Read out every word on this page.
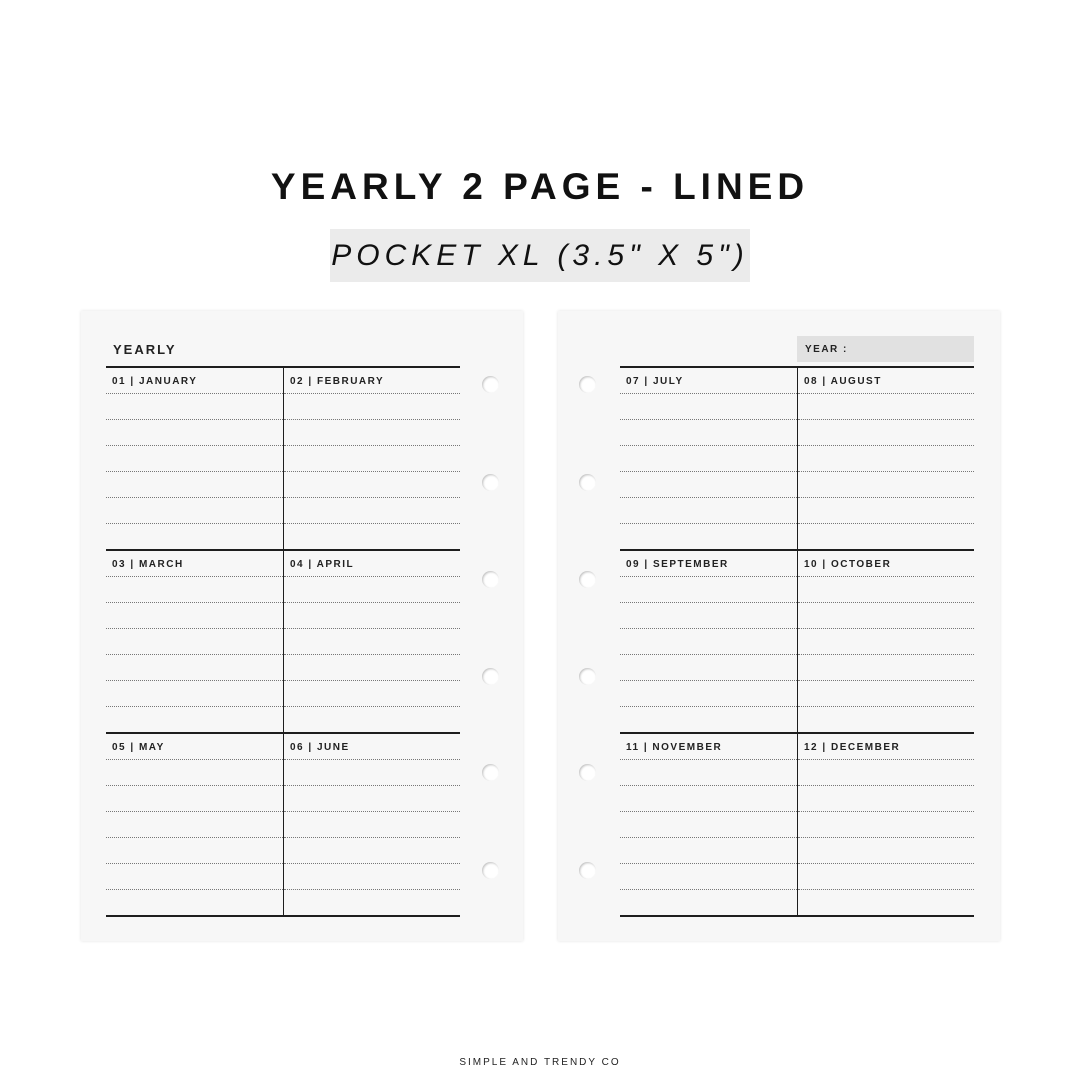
YEARLY 2 PAGE - LINED
POCKET XL (3.5" X 5")
YEARLY
01 | JANUARY	02 | FEBRUARY
03 | MARCH	04 | APRIL
05 | MAY	06 | JUNE
YEAR :
07 | JULY	08 | AUGUST
09 | SEPTEMBER	10 | OCTOBER
11 | NOVEMBER	12 | DECEMBER
SIMPLE AND TRENDY CO
